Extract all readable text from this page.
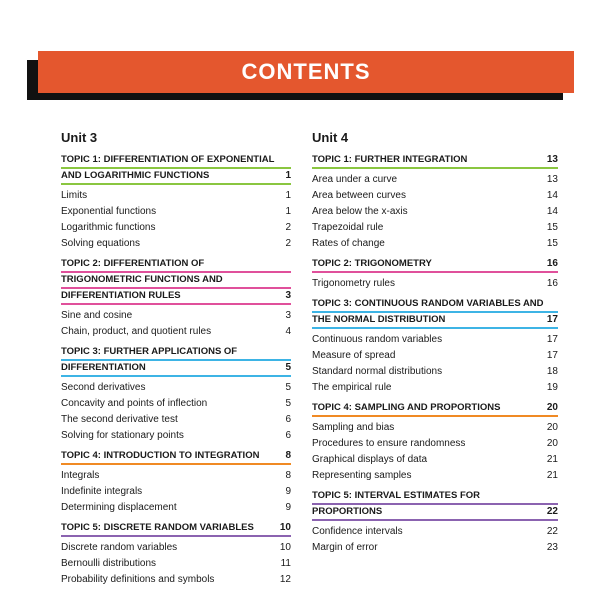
CONTENTS
Unit 3
TOPIC 1: DIFFERENTIATION OF EXPONENTIAL
AND LOGARITHMIC FUNCTIONS	1
Limits	1
Exponential functions	1
Logarithmic functions	2
Solving equations	2
TOPIC 2: DIFFERENTIATION OF
TRIGONOMETRIC FUNCTIONS AND
DIFFERENTIATION RULES	3
Sine and cosine	3
Chain, product, and quotient rules	4
TOPIC 3: FURTHER APPLICATIONS OF
DIFFERENTIATION	5
Second derivatives	5
Concavity and points of inflection	5
The second derivative test	6
Solving for stationary points	6
TOPIC 4: INTRODUCTION TO INTEGRATION	8
Integrals	8
Indefinite integrals	9
Determining displacement	9
TOPIC 5: DISCRETE RANDOM VARIABLES	10
Discrete random variables	10
Bernoulli distributions	11
Probability definitions and symbols	12
Unit 4
TOPIC 1: FURTHER INTEGRATION	13
Area under a curve	13
Area between curves	14
Area below the x-axis	14
Trapezoidal rule	15
Rates of change	15
TOPIC 2: TRIGONOMETRY	16
Trigonometry rules	16
TOPIC 3: CONTINUOUS RANDOM VARIABLES AND
THE NORMAL DISTRIBUTION	17
Continuous random variables	17
Measure of spread	17
Standard normal distributions	18
The empirical rule	19
TOPIC 4: SAMPLING AND PROPORTIONS	20
Sampling and bias	20
Procedures to ensure randomness	20
Graphical displays of data	21
Representing samples	21
TOPIC 5: INTERVAL ESTIMATES FOR
PROPORTIONS	22
Confidence intervals	22
Margin of error	23
